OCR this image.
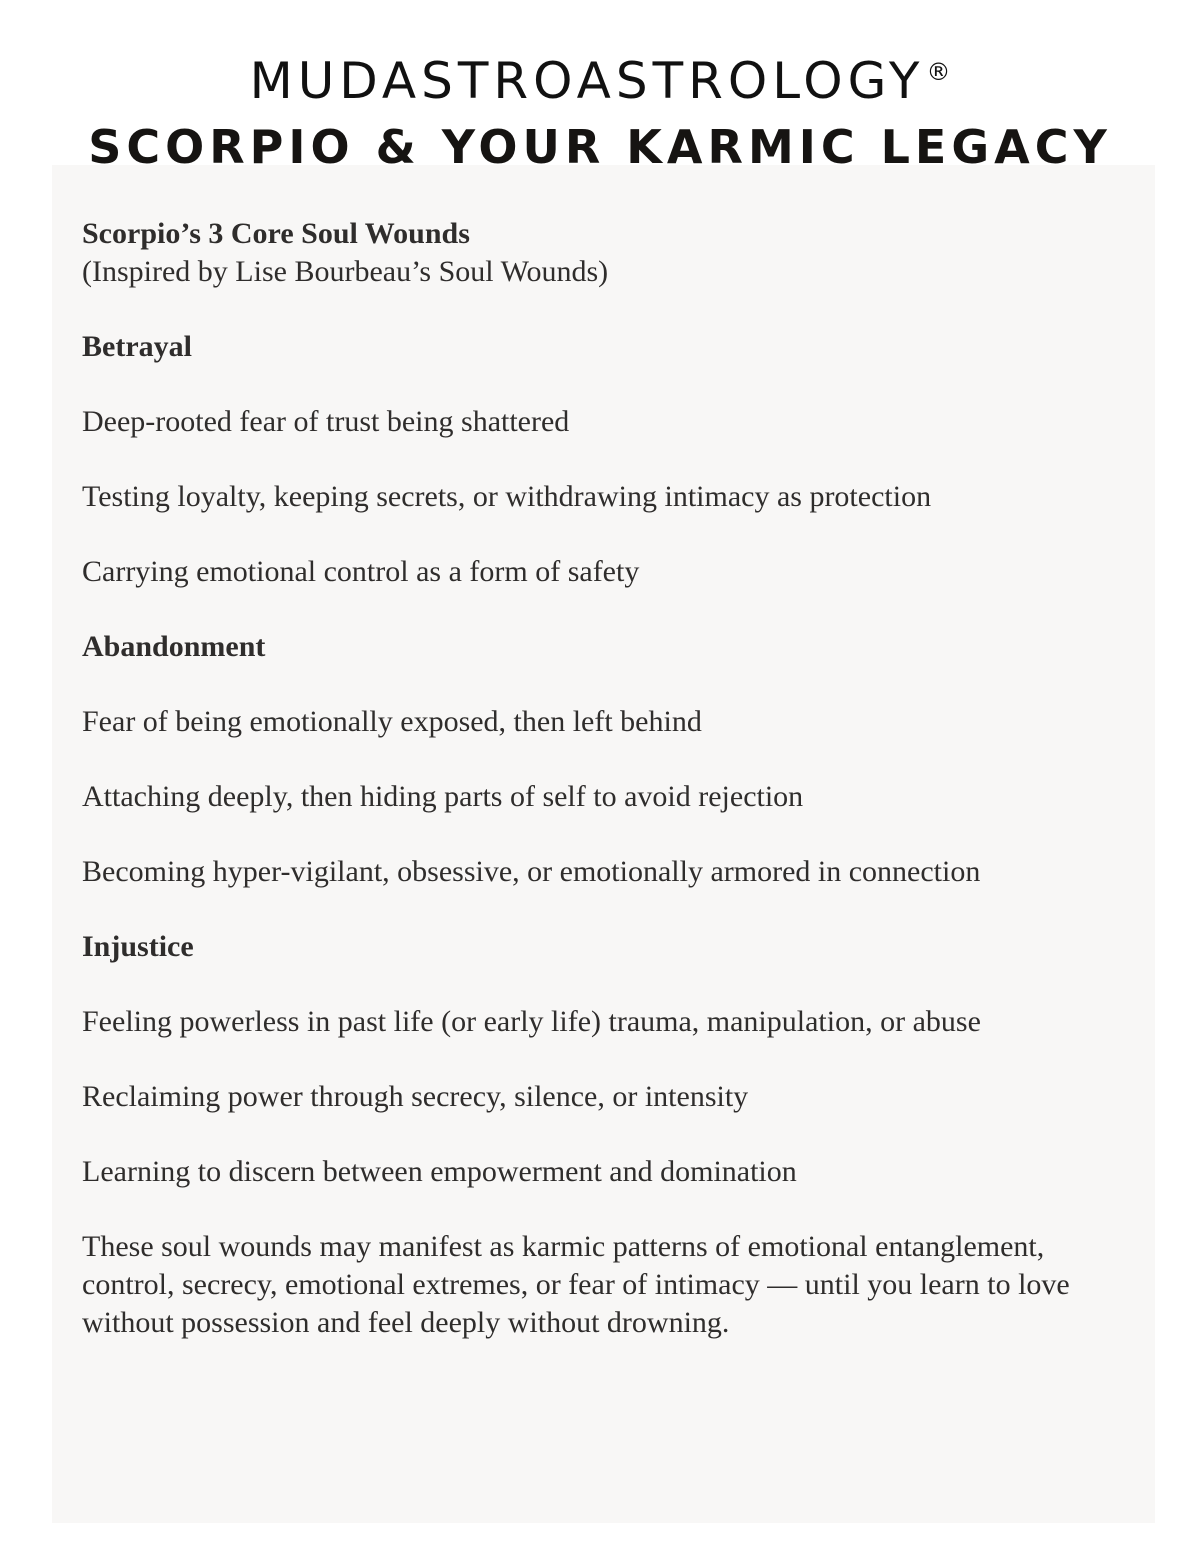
MUDASTROASTROLOGY®
SCORPIO & YOUR KARMIC LEGACY

Scorpio’s 3 Core Soul Wounds
(Inspired by Lise Bourbeau’s Soul Wounds)

Betrayal

Deep-rooted fear of trust being shattered

Testing loyalty, keeping secrets, or withdrawing intimacy as protection

Carrying emotional control as a form of safety

Abandonment

Fear of being emotionally exposed, then left behind

Attaching deeply, then hiding parts of self to avoid rejection

Becoming hyper-vigilant, obsessive, or emotionally armored in connection

Injustice

Feeling powerless in past life (or early life) trauma, manipulation, or abuse

Reclaiming power through secrecy, silence, or intensity

Learning to discern between empowerment and domination

These soul wounds may manifest as karmic patterns of emotional entanglement, control, secrecy, emotional extremes, or fear of intimacy — until you learn to love without possession and feel deeply without drowning.
